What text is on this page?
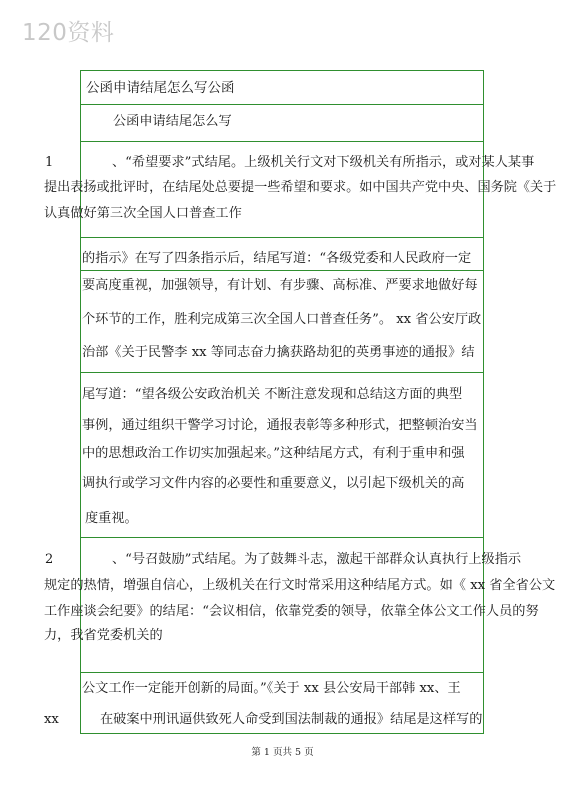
120资料
公函申请结尾怎么写公函
公函申请结尾怎么写
1	、“希望要求”式结尾。上级机关行文对下级机关有所指示，或对某人某事
提出表扬或批评时，在结尾处总要提一些希望和要求。如中国共产党中央、国务院《关于
认真做好第三次全国人口普查工作
的指示》在写了四条指示后，结尾写道：“各级党委和人民政府一定
要高度重视，加强领导，有计划、有步骤、高标准、严要求地做好每
个环节的工作，胜利完成第三次全国人口普查任务”。 xx 省公安厅政
治部《关于民警李 xx 等同志奋力擒获路劫犯的英勇事迹的通报》结
尾写道：“望各级公安政治机关 不断注意发现和总结这方面的典型
事例，通过组织干警学习讨论，通报表彰等多种形式，把整顿治安当
中的思想政治工作切实加强起来。”这种结尾方式，有利于重申和强
调执行或学习文件内容的必要性和重要意义，以引起下级机关的高
度重视。
2	、“号召鼓励”式结尾。为了鼓舞斗志，激起干部群众认真执行上级指示
规定的热情，增强自信心，上级机关在行文时常采用这种结尾方式。如《 xx 省全省公文
工作座谈会纪要》的结尾：“会议相信，依靠党委的领导，依靠全体公文工作人员的努
力，我省党委机关的
公文工作一定能开创新的局面。”《关于 xx 县公安局干部韩 xx、王
xx	在破案中刑讯逼供致死人命受到国法制裁的通报》结尾是这样写的
第 1 页共 5 页
